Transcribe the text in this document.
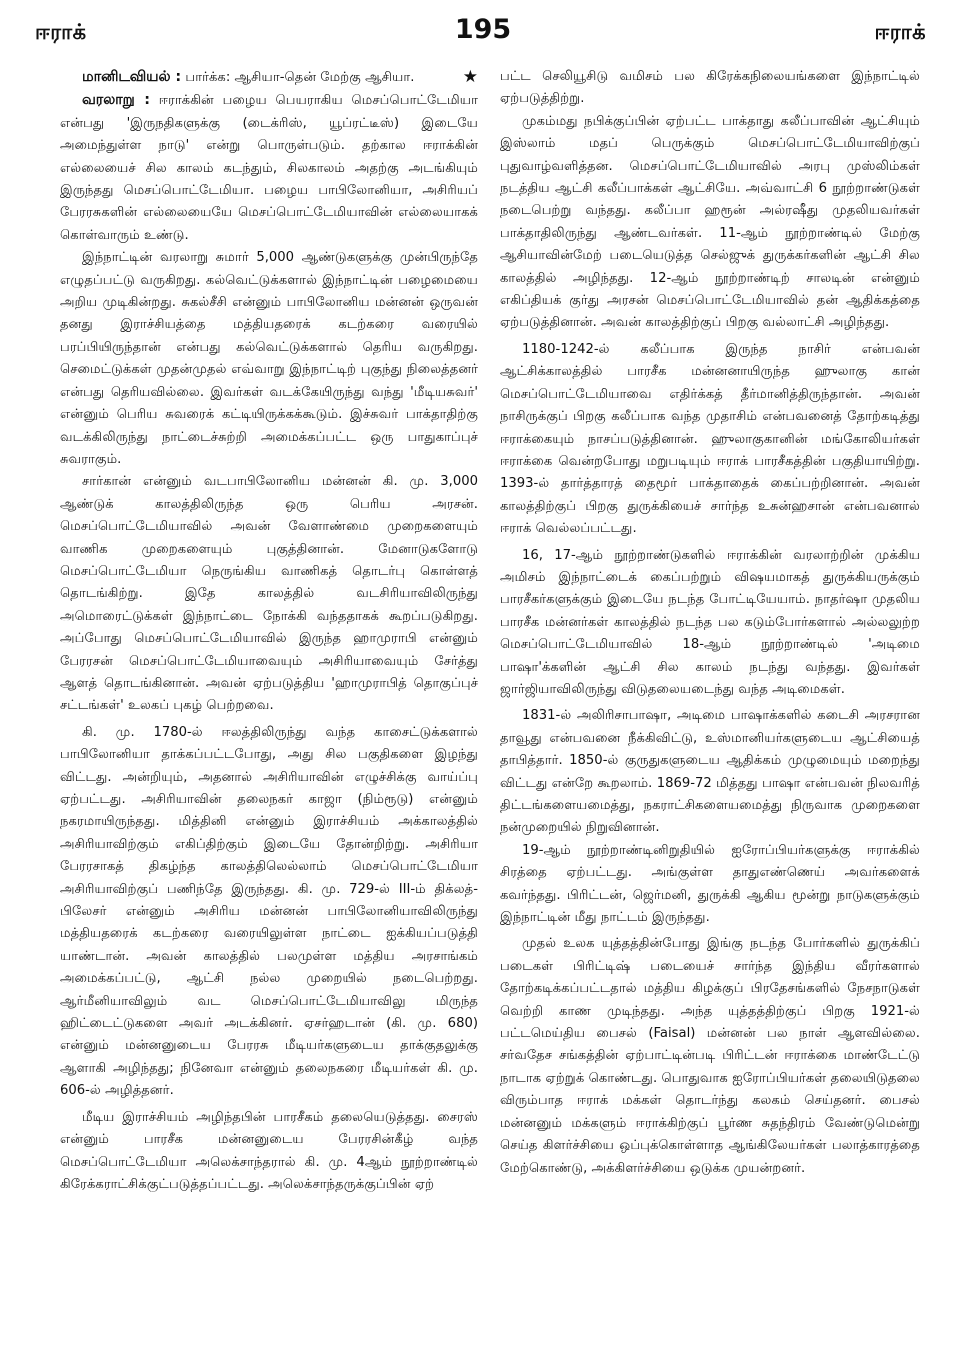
ஈராக்	195	ஈராக்

மானிடவியல் : பார்க்க: ஆசியா-தென் மேற்கு ஆசியா.	★

வரலாறு : ஈராக்கின் பழைய பெயராகிய மெசப்பொட்டேமியா என்பது 'இருநதிகளுக்கு (டைக்ரிஸ், யூப்ரட்டீஸ்) இடையே அமைந்துள்ள நாடு' என்று பொருள்படும். தற்கால ஈராக்கின் எல்லையைச் சில காலம் கடந்தும், சிலகாலம் அதற்கு அடங்கியும் இருந்தது மெசப்பொட்டேமியா. பழைய பாபிலோனியா, அசிரியப் பேரரசுகளின் எல்லையையே மெசப்பொட்டேமியாவின் எல்லையாகக் கொள்வாரும் உண்டு.

இந்நாட்டின் வரலாறு சுமார் 5,000 ஆண்டுகளுக்கு முன்பிருந்தே எழுதப்பட்டு வருகிறது. கல்வெட்டுக்களால் இந்நாட்டின் பழைமையை அறிய முடிகின்றது. சுகல்சீசி என்னும் பாபிலோனிய மன்னன் ஒருவன் தனது இராச்சியத்தை மத்தியதரைக் கடற்கரை வரையில் பரப்பியிருந்தான் என்பது கல்வெட்டுக்களால் தெரிய வருகிறது. செமைட்டுக்கள் முதன்முதல் எவ்வாறு இந்நாட்டிற் புகுந்து நிலைத்தனர் என்பது தெரியவில்லை. இவர்கள் வடக்கேயிருந்து வந்து 'மீடியசுவர்' என்னும் பெரிய சுவரைக் கட்டியிருக்கக்கூடும். இச்சுவர் பாக்தாதிற்கு வடக்கிலிருந்து நாட்டைச்சுற்றி அமைக்கப்பட்ட ஒரு பாதுகாப்புச் சுவராகும்.

சார்கான் என்னும் வடபாபிலோனிய மன்னன் கி. மு. 3,000 ஆண்டுக் காலத்திலிருந்த ஒரு பெரிய அரசன். மெசப்பொட்டேமியாவில் அவன் வேளாண்மை முறைகளையும் வாணிக முறைகளையும் புகுத்தினான். மேனாடுகளோடு மெசப்பொட்டேமியா நெருங்கிய வாணிகத் தொடர்பு கொள்ளத் தொடங்கிற்று. இதே காலத்தில் வடசிரியாவிலிருந்து அமொரைட்டுக்கள் இந்நாட்டை நோக்கி வந்ததாகக் கூறப்படுகிறது. அப்போது மெசப்பொட்டேமியாவில் இருந்த ஹாமுராபி என்னும் பேரரசன் மெசப்பொட்டேமியாவையும் அசிரியாவையும் சேர்த்து ஆளத் தொடங்கினான். அவன் ஏற்படுத்திய 'ஹாமுராபித் தொகுப்புச் சட்டங்கள்' உலகப் புகழ் பெற்றவை.

கி. மு. 1780-ல் ஈலத்திலிருந்து வந்த காசைட்டுக்களால் பாபிலோனியா தாக்கப்பட்டபோது, அது சில பகுதிகளை இழந்து விட்டது. அன்றியும், அதனால் அசிரியாவின் எழுச்சிக்கு வாய்ப்பு ஏற்பட்டது. அசிரியாவின் தலைநகர் காஜா (நிம்ரூடு) என்னும் நகரமாயிருந்தது. மித்தினி என்னும் இராச்சியம் அக்காலத்தில் அசிரியாவிற்கும் எகிப்திற்கும் இடையே தோன்றிற்று. அசிரியா பேரரசாகத் திகழ்ந்த காலத்திலெல்லாம் மெசப்பொட்டேமியா அசிரியாவிற்குப் பணிந்தே இருந்தது. கி. மு. 729-ல் III-ம் திக்லத்-பிலேசர் என்னும் அசிரிய மன்னன் பாபிலோனியாவிலிருந்து மத்தியதரைக் கடற்கரை வரையிலுள்ள நாட்டை ஐக்கியப்படுத்தி யாண்டான். அவன் காலத்தில் பலமுள்ள மத்திய அரசாங்கம் அமைக்கப்பட்டு, ஆட்சி நல்ல முறையில் நடைபெற்றது. ஆர்மீனியாவிலும் வட மெசப்பொட்டேமியாவிலு மிருந்த ஹிட்டைட்டுகளை அவர் அடக்கினர். ஏசர்ஹடான் (கி. மு. 680) என்னும் மன்னனுடைய பேரரசு மீடியர்களுடைய தாக்குதலுக்கு ஆளாகி அழிந்தது; நினேவா என்னும் தலைநகரை மீடியர்கள் கி. மு. 606-ல் அழித்தனர்.

மீடிய இராச்சியம் அழிந்தபின் பாரசீகம் தலையெடுத்தது. சைரஸ் என்னும் பாரசீக மன்னனுடைய பேரரசின்கீழ் வந்த மெசப்பொட்டேமியா அலெக்சாந்தரால் கி. மு. 4ஆம் நூற்றாண்டில் கிரேக்கராட்சிக்குட்படுத்தப்பட்டது. அலெக்சாந்தருக்குப்பின் ஏற்

பட்ட செலியூசிடு வமிசம் பல கிரேக்கநிலையங்களை இந்நாட்டில் ஏற்படுத்திற்று.

முகம்மது நபிக்குப்பின் ஏற்பட்ட பாக்தாது கலீப்பாவின் ஆட்சியும் இஸ்லாம் மதப் பெருக்கும் மெசப்பொட்டேமியாவிற்குப் புதுவாழ்வளித்தன. மெசப்பொட்டேமியாவில் அரபு முஸ்லிம்கள் நடத்திய ஆட்சி கலீப்பாக்கள் ஆட்சியே. அவ்வாட்சி 6 நூற்றாண்டுகள் நடைபெற்று வந்தது. கலீப்பா ஹரூன் அல்ரஷீது முதலியவர்கள் பாக்தாதிலிருந்து ஆண்டவர்கள். 11-ஆம் நூற்றாண்டில் மேற்கு ஆசியாவின்மேற் படையெடுத்த செல்ஜுக் துருக்கர்களின் ஆட்சி சில காலத்தில் அழிந்தது. 12-ஆம் நூற்றாண்டிற் சாலடின் என்னும் எகிப்தியக் குர்து அரசன் மெசப்பொட்டேமியாவில் தன் ஆதிக்கத்தை ஏற்படுத்தினான். அவன் காலத்திற்குப் பிறகு வல்லாட்சி அழிந்தது.

1180-1242-ல் கலீப்பாக இருந்த நாசிர் என்பவன் ஆட்சிக்காலத்தில் பாரசீக மன்னனாயிருந்த ஹுலாகு கான் மெசப்பொட்டேமியாவை எதிர்க்கத் தீர்மானித்திருந்தான். அவன் நாசிருக்குப் பிறகு கலீப்பாக வந்த முதாசிம் என்பவனைத் தோற்கடித்து ஈராக்கையும் நாசப்படுத்தினான். ஹுலாகுகானின் மங்கோலியர்கள் ஈராக்கை வென்றபோது மறுபடியும் ஈராக் பாரசீகத்தின் பகுதியாயிற்று. 1393-ல் தார்த்தாரத் தைமூர் பாக்தாதைக் கைப்பற்றினான். அவன் காலத்திற்குப் பிறகு துருக்கியைச் சார்ந்த உசுன்ஹசான் என்பவனால் ஈராக் வெல்லப்பட்டது.

16, 17-ஆம் நூற்றாண்டுகளில் ஈராக்கின் வரலாற்றின் முக்கிய அமிசம் இந்நாட்டைக் கைப்பற்றும் விஷயமாகத் துருக்கியருக்கும் பாரசீகர்களுக்கும் இடையே நடந்த போட்டியேயாம். நாதர்ஷா முதலிய பாரசீக மன்னர்கள் காலத்தில் நடந்த பல கடும்போர்களால் அல்லலுற்ற மெசப்பொட்டேமியாவில் 18-ஆம் நூற்றாண்டில் 'அடிமை பாஷா'க்களின் ஆட்சி சில காலம் நடந்து வந்தது. இவர்கள் ஜார்ஜியாவிலிருந்து விடுதலையடைந்து வந்த அடிமைகள்.

1831-ல் அலிரிசாபாஷா, அடிமை பாஷாக்களில் கடைசி அரசரான தாவூது என்பவனை நீக்கிவிட்டு, உஸ்மானியர்களுடைய ஆட்சியைத் தாபித்தார். 1850-ல் குருதுகளுடைய ஆதிக்கம் முழுமையும் மறைந்து விட்டது என்றே கூறலாம். 1869-72 மித்தது பாஷா என்பவன் நிலவரித் திட்டங்களையமைத்து, நகராட்சிகளையமைத்து நிருவாக முறைகளை நன்முறையில் நிறுவினான்.

19-ஆம் நூற்றாண்டினிறுதியில் ஐரோப்பியர்களுக்கு ஈராக்கில் சிரத்தை ஏற்பட்டது. அங்குள்ள தாதுஎண்ணெய் அவர்களைக் கவர்ந்தது. பிரிட்டன், ஜெர்மனி, துருக்கி ஆகிய மூன்று நாடுகளுக்கும் இந்நாட்டின் மீது நாட்டம் இருந்தது.

முதல் உலக யுத்தத்தின்போது இங்கு நடந்த போர்களில் துருக்கிப் படைகள் பிரிட்டிஷ் படையைச் சார்ந்த இந்திய வீரர்களால் தோற்கடிக்கப்பட்டதால் மத்திய கிழக்குப் பிரதேசங்களில் நேசநாடுகள் வெற்றி காண முடிந்தது. அந்த யுத்தத்திற்குப் பிறகு 1921-ல் பட்டமெய்திய பைசல் (Faisal) மன்னன் பல நாள் ஆளவில்லை. சர்வதேச சங்கத்தின் ஏற்பாட்டின்படி பிரிட்டன் ஈராக்கை மாண்டேட்டு நாடாக ஏற்றுக் கொண்டது. பொதுவாக ஐரோப்பியர்கள் தலையிடுதலை விரும்பாத ஈராக் மக்கள் தொடர்ந்து கலகம் செய்தனர். பைசல் மன்னனும் மக்களும் ஈராக்கிற்குப் பூர்ண சுதந்திரம் வேண்டுமென்று செய்த கிளர்ச்சியை ஒப்புக்கொள்ளாத ஆங்கிலேயர்கள் பலாத்காரத்தை மேற்கொண்டு, அக்கிளர்ச்சியை ஒடுக்க முயன்றனர்.
